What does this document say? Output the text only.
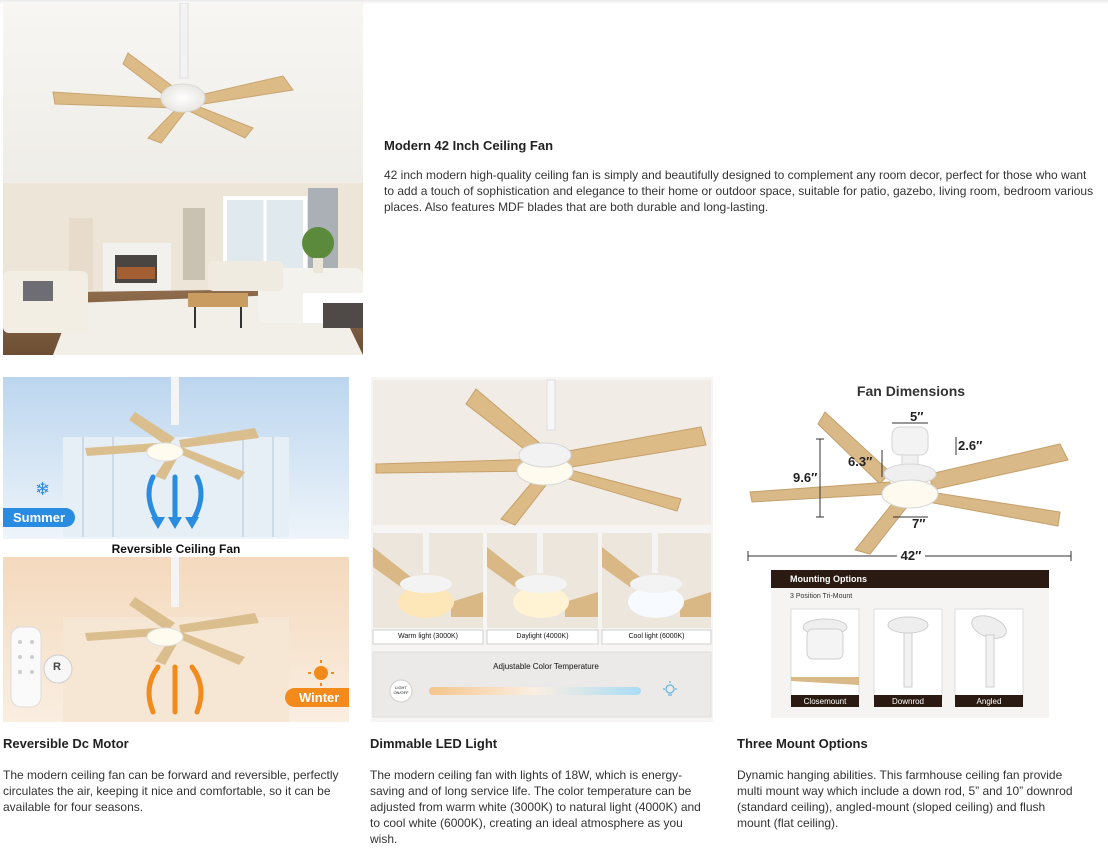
Modern 42 Inch Ceiling Fan
42 inch modern high-quality ceiling fan is simply and beautifully designed to complement any room decor, perfect for those who want to add a touch of sophistication and elegance to their home or outdoor space, suitable for patio, gazebo, living room, bedroom various places. Also features MDF blades that are both durable and long-lasting.
❄
Summer
Reversible Ceiling Fan
Winter
R
Warm light (3000K)	Daylight (4000K)	Cool light (6000K)
Adjustable Color Temperature
LIGHT ON/OFF
Fan Dimensions
5″
2.6″
6.3″
9.6″
7″
42″
Mounting Options
3 Position Tri-Mount
Closemount	Downrod	Angled
Reversible Dc Motor
The modern ceiling fan can be forward and reversible, perfectly circulates the air, keeping it nice and comfortable, so it can be available for four seasons.
Dimmable LED Light
The modern ceiling fan with lights of 18W, which is energy-saving and of long service life. The color temperature can be adjusted from warm white (3000K) to natural light (4000K) and to cool white (6000K), creating an ideal atmosphere as you wish.
Three Mount Options
Dynamic hanging abilities. This farmhouse ceiling fan provide multi mount way which include a down rod, 5” and 10” downrod (standard ceiling), angled-mount (sloped ceiling) and flush mount (flat ceiling).
